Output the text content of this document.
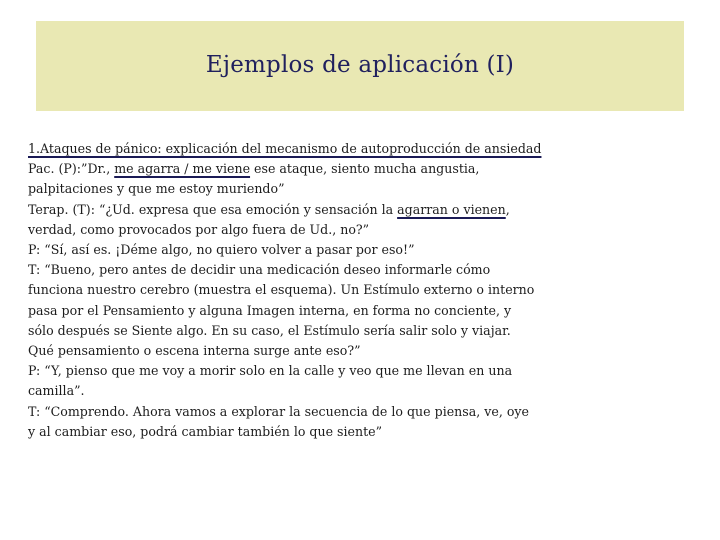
Ejemplos de aplicación (I)
1.Ataques de pánico: explicación del mecanismo de autoproducción de ansiedad
Pac. (P):”Dr., me agarra / me viene ese ataque, siento mucha angustia,
palpitaciones y que me estoy muriendo”
Terap. (T): “¿Ud. expresa que esa emoción y sensación la agarran o vienen,
verdad, como provocados por algo fuera de Ud., no?”
P: “Sí, así es. ¡Déme algo, no quiero volver a pasar por eso!”
T: “Bueno, pero antes de decidir una medicación deseo informarle cómo
funciona nuestro cerebro (muestra el esquema). Un Estímulo externo o interno
pasa por el Pensamiento y alguna Imagen interna, en forma no conciente, y
sólo después se Siente algo. En su caso, el Estímulo sería salir solo y viajar.
Qué pensamiento o escena interna surge ante eso?”
P: “Y, pienso que me voy a morir solo en la calle y veo que me llevan en una
camilla”.
T: “Comprendo. Ahora vamos a explorar la secuencia de lo que piensa, ve, oye
y al cambiar eso, podrá cambiar también lo que siente”
